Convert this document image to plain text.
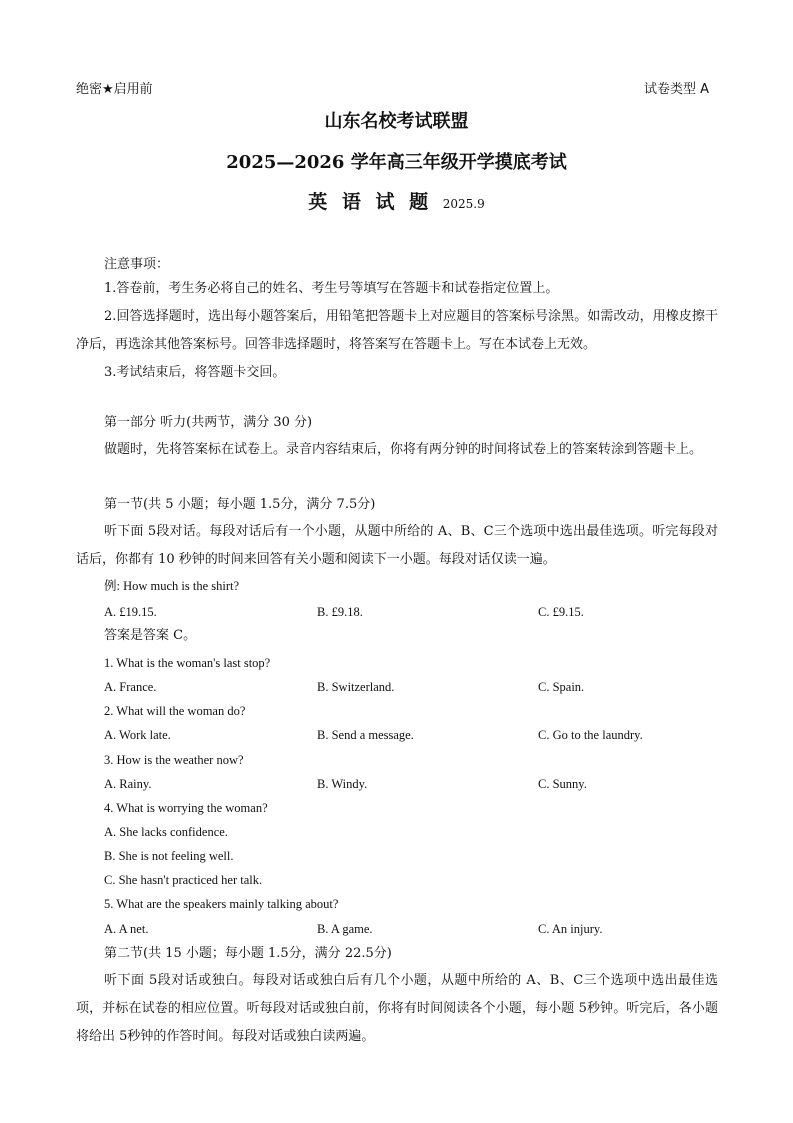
绝密★启用前	试卷类型 A
山东名校考试联盟
2025—2026 学年高三年级开学摸底考试
英 语 试 题 2025.9
注意事项：
1.答卷前，考生务必将自己的姓名、考生号等填写在答题卡和试卷指定位置上。
2.回答选择题时，选出每小题答案后，用铅笔把答题卡上对应题目的答案标号涂黑。如需改动，用橡皮擦干净后，再选涂其他答案标号。回答非选择题时，将答案写在答题卡上。写在本试卷上无效。
3.考试结束后，将答题卡交回。
第一部分 听力(共两节，满分 30 分)
做题时，先将答案标在试卷上。录音内容结束后，你将有两分钟的时间将试卷上的答案转涂到答题卡上。
第一节(共 5 小题；每小题 1.5分，满分 7.5分)
听下面 5段对话。每段对话后有一个小题，从题中所给的 A、B、C三个选项中选出最佳选项。听完每段对话后，你都有 10 秒钟的时间来回答有关小题和阅读下一小题。每段对话仅读一遍。
例: How much is the shirt?
A. £19.15.	B. £9.18.	C. £9.15.
答案是答案 C。
1. What is the woman's last stop?
A. France.	B. Switzerland.	C. Spain.
2. What will the woman do?
A. Work late.	B. Send a message.	C. Go to the laundry.
3. How is the weather now?
A. Rainy.	B. Windy.	C. Sunny.
4. What is worrying the woman?
A. She lacks confidence.
B. She is not feeling well.
C. She hasn't practiced her talk.
5. What are the speakers mainly talking about?
A. A net.	B. A game.	C. An injury.
第二节(共 15 小题；每小题 1.5分，满分 22.5分)
听下面 5段对话或独白。每段对话或独白后有几个小题，从题中所给的 A、B、C三个选项中选出最佳选项，并标在试卷的相应位置。听每段对话或独白前，你将有时间阅读各个小题，每小题 5秒钟。听完后，各小题将给出 5秒钟的作答时间。每段对话或独白读两遍。
